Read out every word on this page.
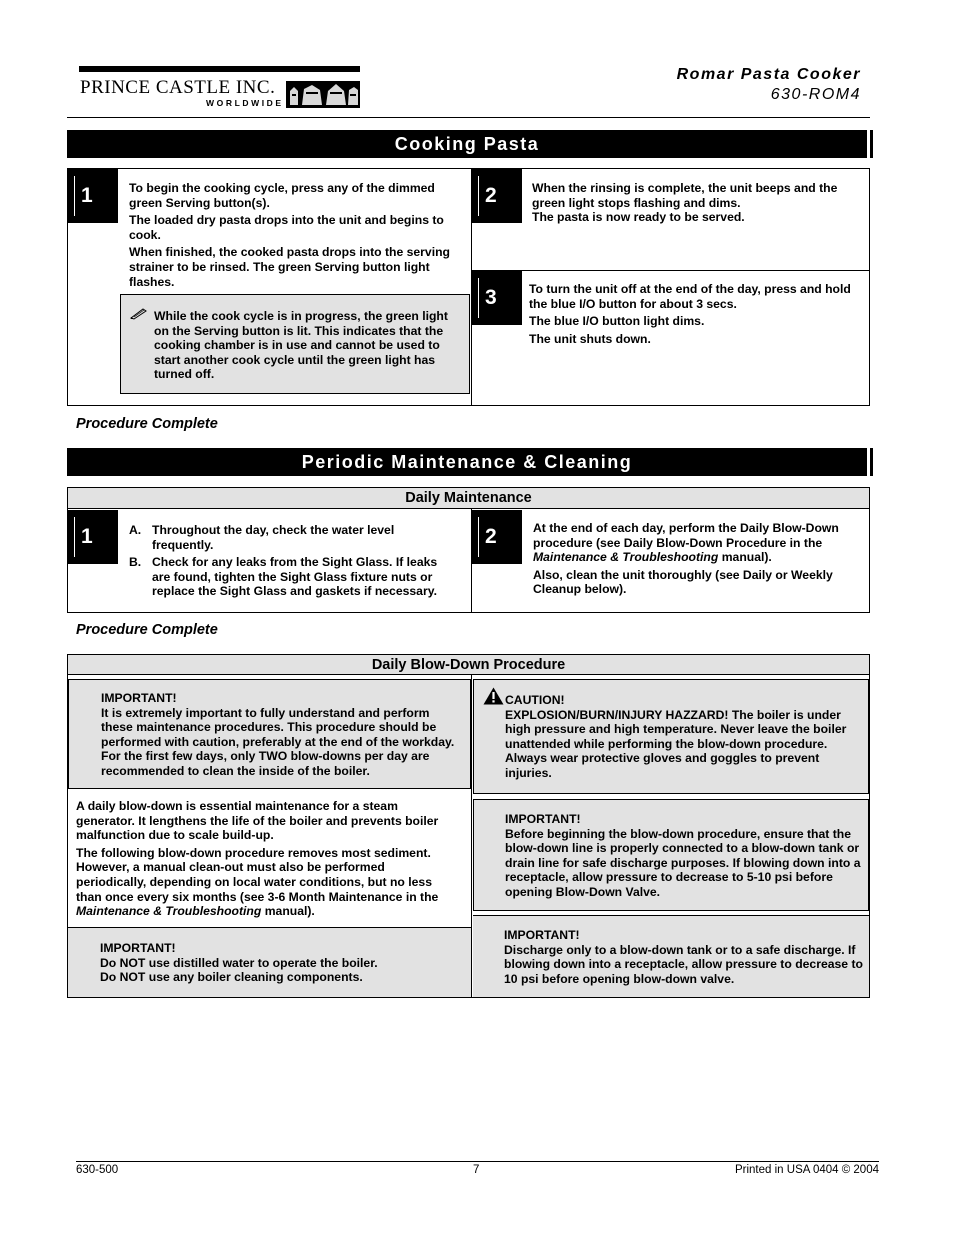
PRINCE CASTLE INC.
WORLDWIDE
Romar Pasta Cooker
630-ROM4
Cooking Pasta
1	To begin the cooking cycle, press any of the dimmed green Serving button(s).

The loaded dry pasta drops into the unit and begins to cook.

When finished, the cooked pasta drops into the serving strainer to be rinsed. The green Serving button light flashes.

While the cook cycle is in progress, the green light on the Serving button is lit. This indicates that the cooking chamber is in use and cannot be used to start another cook cycle until the green light has turned off.
2	When the rinsing is complete, the unit beeps and the green light stops flashing and dims.

The pasta is now ready to be served.

3	To turn the unit off at the end of the day, press and hold the blue I/O button for about 3 secs.

The blue I/O button light dims.

The unit shuts down.

Procedure Complete
Periodic Maintenance & Cleaning
Daily Maintenance
1	A. Throughout the day, check the water level frequently.
B. Check for any leaks from the Sight Glass. If leaks are found, tighten the Sight Glass fixture nuts or replace the Sight Glass and gaskets if necessary.
2	At the end of each day, perform the Daily Blow-Down procedure (see Daily Blow-Down Procedure in the Maintenance & Troubleshooting manual).

Also, clean the unit thoroughly (see Daily or Weekly Cleanup below).

Procedure Complete
Daily Blow-Down Procedure

IMPORTANT!

It is extremely important to fully understand and perform these maintenance procedures. This procedure should be performed with caution, preferably at the end of the workday. For the first few days, only TWO blow-downs per day are recommended to clean the inside of the boiler.

A daily blow-down is essential maintenance for a steam generator. It lengthens the life of the boiler and prevents boiler malfunction due to scale build-up.

The following blow-down procedure removes most sediment. However, a manual clean-out must also be performed periodically, depending on local water conditions, but no less than once every six months (see 3-6 Month Maintenance in the Maintenance & Troubleshooting manual).

IMPORTANT!

Do NOT use distilled water to operate the boiler.

Do NOT use any boiler cleaning components.

CAUTION!

EXPLOSION/BURN/INJURY HAZZARD! The boiler is under high pressure and high temperature. Never leave the boiler unattended while performing the blow-down procedure. Always wear protective gloves and goggles to prevent injuries.

IMPORTANT!

Before beginning the blow-down procedure, ensure that the blow-down line is properly connected to a blow-down tank or drain line for safe discharge purposes. If blowing down into a receptacle, allow pressure to decrease to 5-10 psi before opening Blow-Down Valve.

IMPORTANT!

Discharge only to a blow-down tank or to a safe discharge. If blowing down into a receptacle, allow pressure to decrease to 10 psi before opening blow-down valve.

630-500	7	Printed in USA 0404 © 2004
